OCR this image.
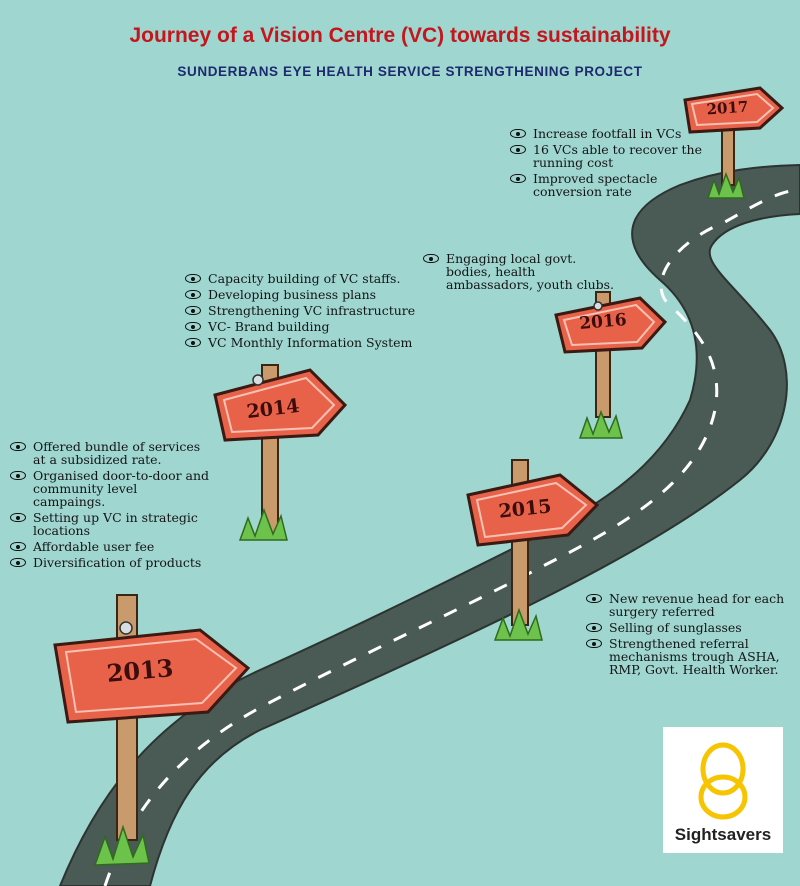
Journey of a Vision Centre (VC) towards sustainability
SUNDERBANS EYE HEALTH SERVICE STRENGTHENING PROJECT
2013
2014
2015
2016
2017
Offered bundle of services at a subsidized rate.
Organised door-to-door and community level campaings.
Setting up VC in strategic locations
Affordable user fee
Diversification of products
Capacity building of VC staffs.
Developing business plans
Strengthening VC infrastructure
VC- Brand building
VC Monthly Information System
New revenue head for each surgery referred
Selling of sunglasses
Strengthened referral mechanisms trough ASHA, RMP, Govt. Health Worker.
Engaging local govt. bodies, health ambassadors, youth clubs.
Increase footfall in VCs
16 VCs able to recover the running cost
Improved spectacle conversion rate
Sightsavers
